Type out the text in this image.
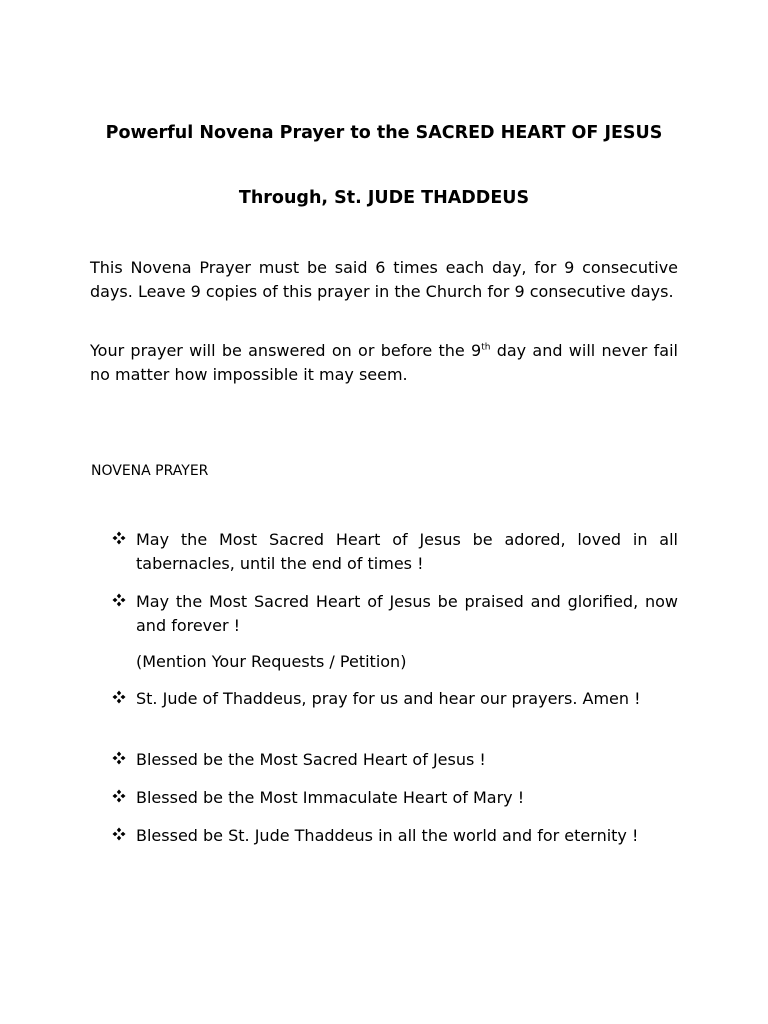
Powerful Novena Prayer to the SACRED HEART OF JESUS
Through, St. JUDE THADDEUS

This Novena Prayer must be said 6 times each day, for 9 consecutive days. Leave 9 copies of this prayer in the Church for 9 consecutive days.

Your prayer will be answered on or before the 9th day and will never fail no matter how impossible it may seem.

NOVENA PRAYER

May the Most Sacred Heart of Jesus be adored, loved in all tabernacles, until the end of times !
May the Most Sacred Heart of Jesus be praised and glorified, now and forever !

(Mention Your Requests / Petition)

St. Jude of Thaddeus, pray for us and hear our prayers. Amen !
Blessed be the Most Sacred Heart of Jesus !
Blessed be the Most Immaculate Heart of Mary !
Blessed be St. Jude Thaddeus in all the world and for eternity !
